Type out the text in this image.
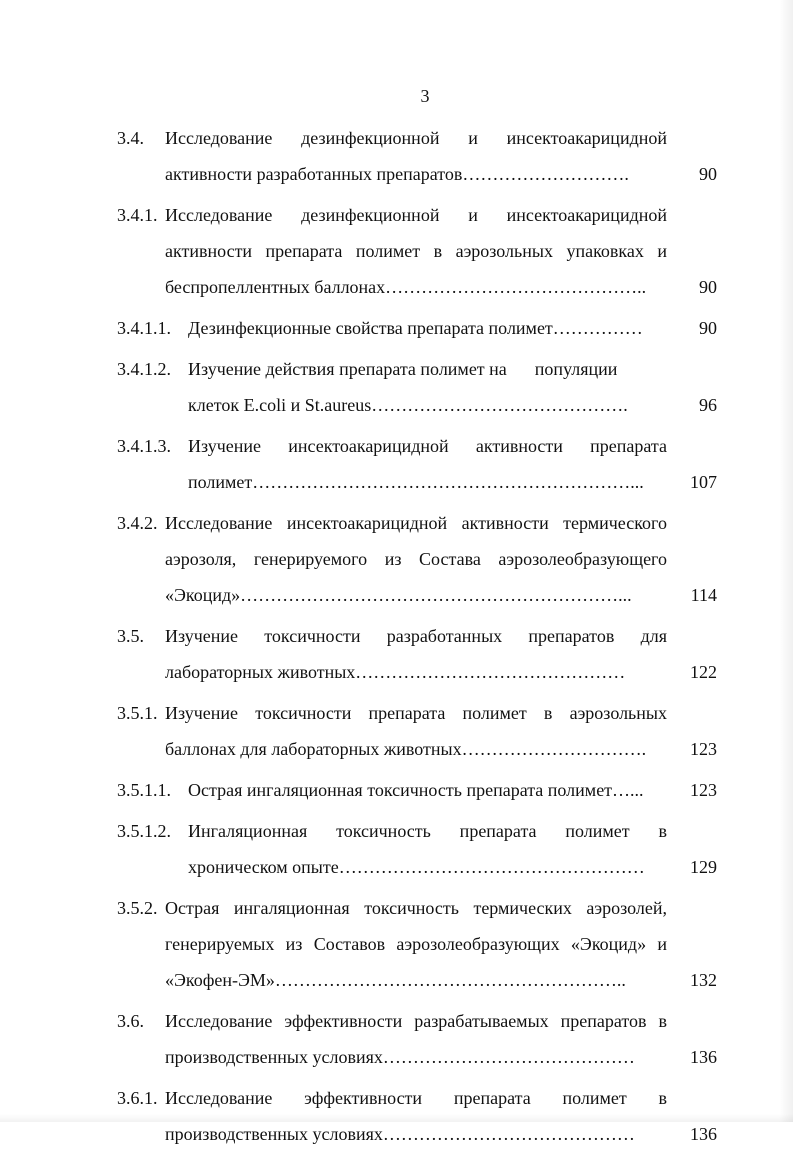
3
3.4. Исследование дезинфекционной и инсектоакарицидной
активности разработанных препаратов……………………….	90
3.4.1. Исследование дезинфекционной и инсектоакарицидной
активности препарата полимет в аэрозольных упаковках и
беспропеллентных баллонах……………………………………..	90
3.4.1.1. Дезинфекционные свойства препарата полимет……………	90
3.4.1.2. Изучение действия препарата полимет на популяции
клеток E.coli и St.aureus…………………………………….	96
3.4.1.3. Изучение инсектоакарицидной активности препарата
полимет………………………………………………………...	107
3.4.2. Исследование инсектоакарицидной активности термического
аэрозоля, генерируемого из Состава аэрозолеобразующего
«Экоцид»………………………………………………………...	114
3.5. Изучение токсичности разработанных препаратов для
лабораторных животных………………………………………	122
3.5.1. Изучение токсичности препарата полимет в аэрозольных
баллонах для лабораторных животных………………………….	123
3.5.1.1. Острая ингаляционная токсичность препарата полимет…...	123
3.5.1.2. Ингаляционная токсичность препарата полимет в
хроническом опыте……………………………………………	129
3.5.2. Острая ингаляционная токсичность термических аэрозолей,
генерируемых из Составов аэрозолеобразующих «Экоцид» и
«Экофен-ЭМ»…………………………………………………..	132
3.6. Исследование эффективности разрабатываемых препаратов в
производственных условиях……………………………………	136
3.6.1. Исследование эффективности препарата полимет в
производственных условиях……………………………………	136
